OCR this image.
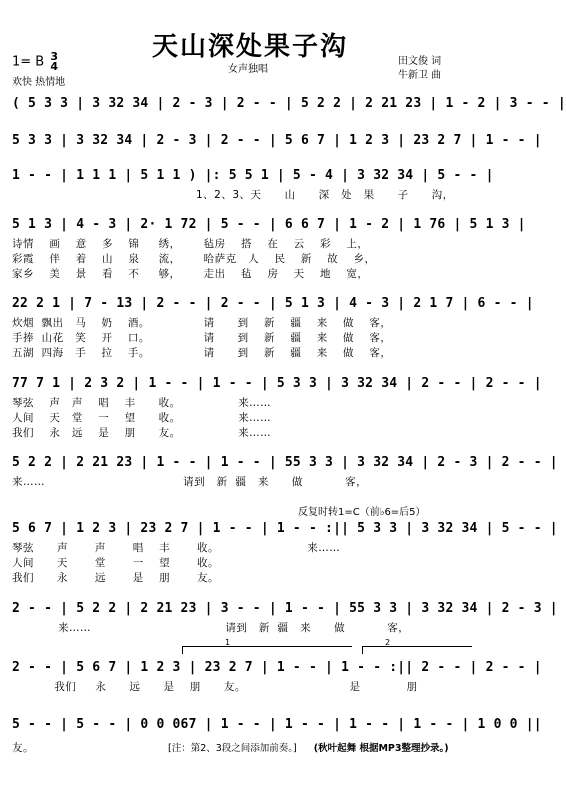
天山深处果子沟
1= B 3
4
欢快 热情地
女声独唱
田文俊 词
牛新卫 曲
( 5 3 3 | 3 32 34 | 2 - 3 | 2 - - | 5 2 2 | 2 21 23 | 1 - 2 | 3 - - |
5 3 3 | 3 32 34 | 2 - 3 | 2 - - | 5 6 7 | 1 2 3 | 23 2 7 | 1 - - |
1 - - | 1 1 1 | 5 1 1 ) |: 5 5 1 | 5 - 4 | 3 32 34 | 5 - - |
1、2、3、天      山      深   处   果      子      沟，
5 1 3 | 4 - 3 | 2· 1 72 | 5 - - | 6 6 7 | 1 - 2 | 1 76 | 5 1 3 |
诗情    画    意    多    锦     绣，      毡房    搭    在    云    彩    上，
彩霞    伴    着    山    泉     流，      哈萨克   人    民    新    故    乡，
家乡    美    景    看    不     够，      走出    毡    房    天    地    宽，
22 2 1 | 7 - 13 | 2 - - | 2 - - | 5 1 3 | 4 - 3 | 2 1 7 | 6 - - |
炊烟  飘出   马    奶    酒。              请      到    新    疆    来    做    客，
手捧  山花   笑    开    口。              请      到    新    疆    来    做    客，
五湖  四海   手    拉    手。              请      到    新    疆    来    做    客，
77 7 1 | 2 3 2 | 1 - - | 1 - - | 5 3 3 | 3 32 34 | 2 - - | 2 - - |
琴弦    声   声    唱    丰      收。               来……
人间    天   堂    一    望      收。               来……
我们    永   远    是    朋      友。               来……
5 2 2 | 2 21 23 | 1 - - | 1 - - | 55 3 3 | 3 32 34 | 2 - 3 | 2 - - |
来……                                    请到   新  疆   来      做           客，
反复时转1=C（前♭6=后5）
5 6 7 | 1 2 3 | 23 2 7 | 1 - - | 1 - - :|| 5 3 3 | 3 32 34 | 5 - - |
琴弦      声       声       唱    丰       收。                       来……
人间      天       堂       一    望       收。
我们      永       远       是    朋       友。
2 - - | 5 2 2 | 2 21 23 | 3 - - | 1 - - | 55 3 3 | 3 32 34 | 2 - 3 |
来……                                   请到   新  疆   来      做           客，
1	2
2 - - | 5 6 7 | 1 2 3 | 23 2 7 | 1 - - | 1 - - :|| 2 - - | 2 - - |
我们     永      远      是    朋      友。                           是            朋
5 - - | 5 - - | 0 0 067 | 1 - - | 1 - - | 1 - - | 1 - - | 1 0 0 ||
友。	[注：第2、3段之间添加前奏。] (秋叶起舞 根据MP3整理抄录。)
